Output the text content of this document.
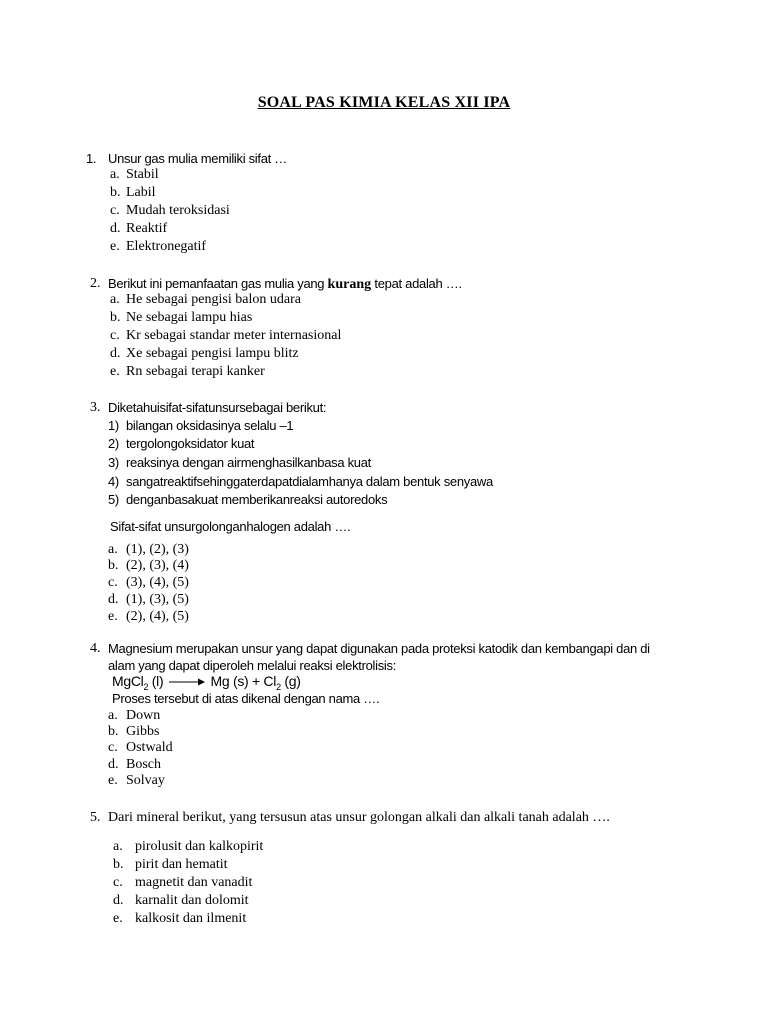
SOAL PAS KIMIA KELAS XII IPA
1. Unsur gas mulia memiliki sifat …
a. Stabil
b. Labil
c. Mudah teroksidasi
d. Reaktif
e. Elektronegatif
2. Berikut ini pemanfaatan gas mulia yang kurang tepat adalah ….
a. He sebagai pengisi balon udara
b. Ne sebagai lampu hias
c. Kr sebagai standar meter internasional
d. Xe sebagai pengisi lampu blitz
e. Rn sebagai terapi kanker
3. Diketahuisifat-sifatunsursebagai berikut:
1) bilangan oksidasinya selalu –1
2) tergolongoksidator kuat
3) reaksinya dengan airmenghasilkanbasa kuat
4) sangatreaktifsehinggaterdapatdialamhanya dalam bentuk senyawa
5) denganbasakuat memberikanreaksi autoredoks
Sifat-sifat unsurgolonganhalogen adalah ….
a. (1), (2), (3)
b. (2), (3), (4)
c. (3), (4), (5)
d. (1), (3), (5)
e. (2), (4), (5)
4. Magnesium merupakan unsur yang dapat digunakan pada proteksi katodik dan kembangapi dan di
alam yang dapat diperoleh melalui reaksi elektrolisis:
MgCl$_2$ (l) → Mg $(s) + Cl_2$ (g)
Proses tersebut di atas dikenal dengan nama ….
a. Down
b. Gibbs
c. Ostwald
d. Bosch
e. Solvay
5. Dari mineral berikut, yang tersusun atas unsur golongan alkali dan alkali tanah adalah ….
a. pirolusit dan kalkopirit
b. pirit dan hematit
c. magnetit dan vanadit
d. karnalit dan dolomit
e. kalkosit dan ilmenit
